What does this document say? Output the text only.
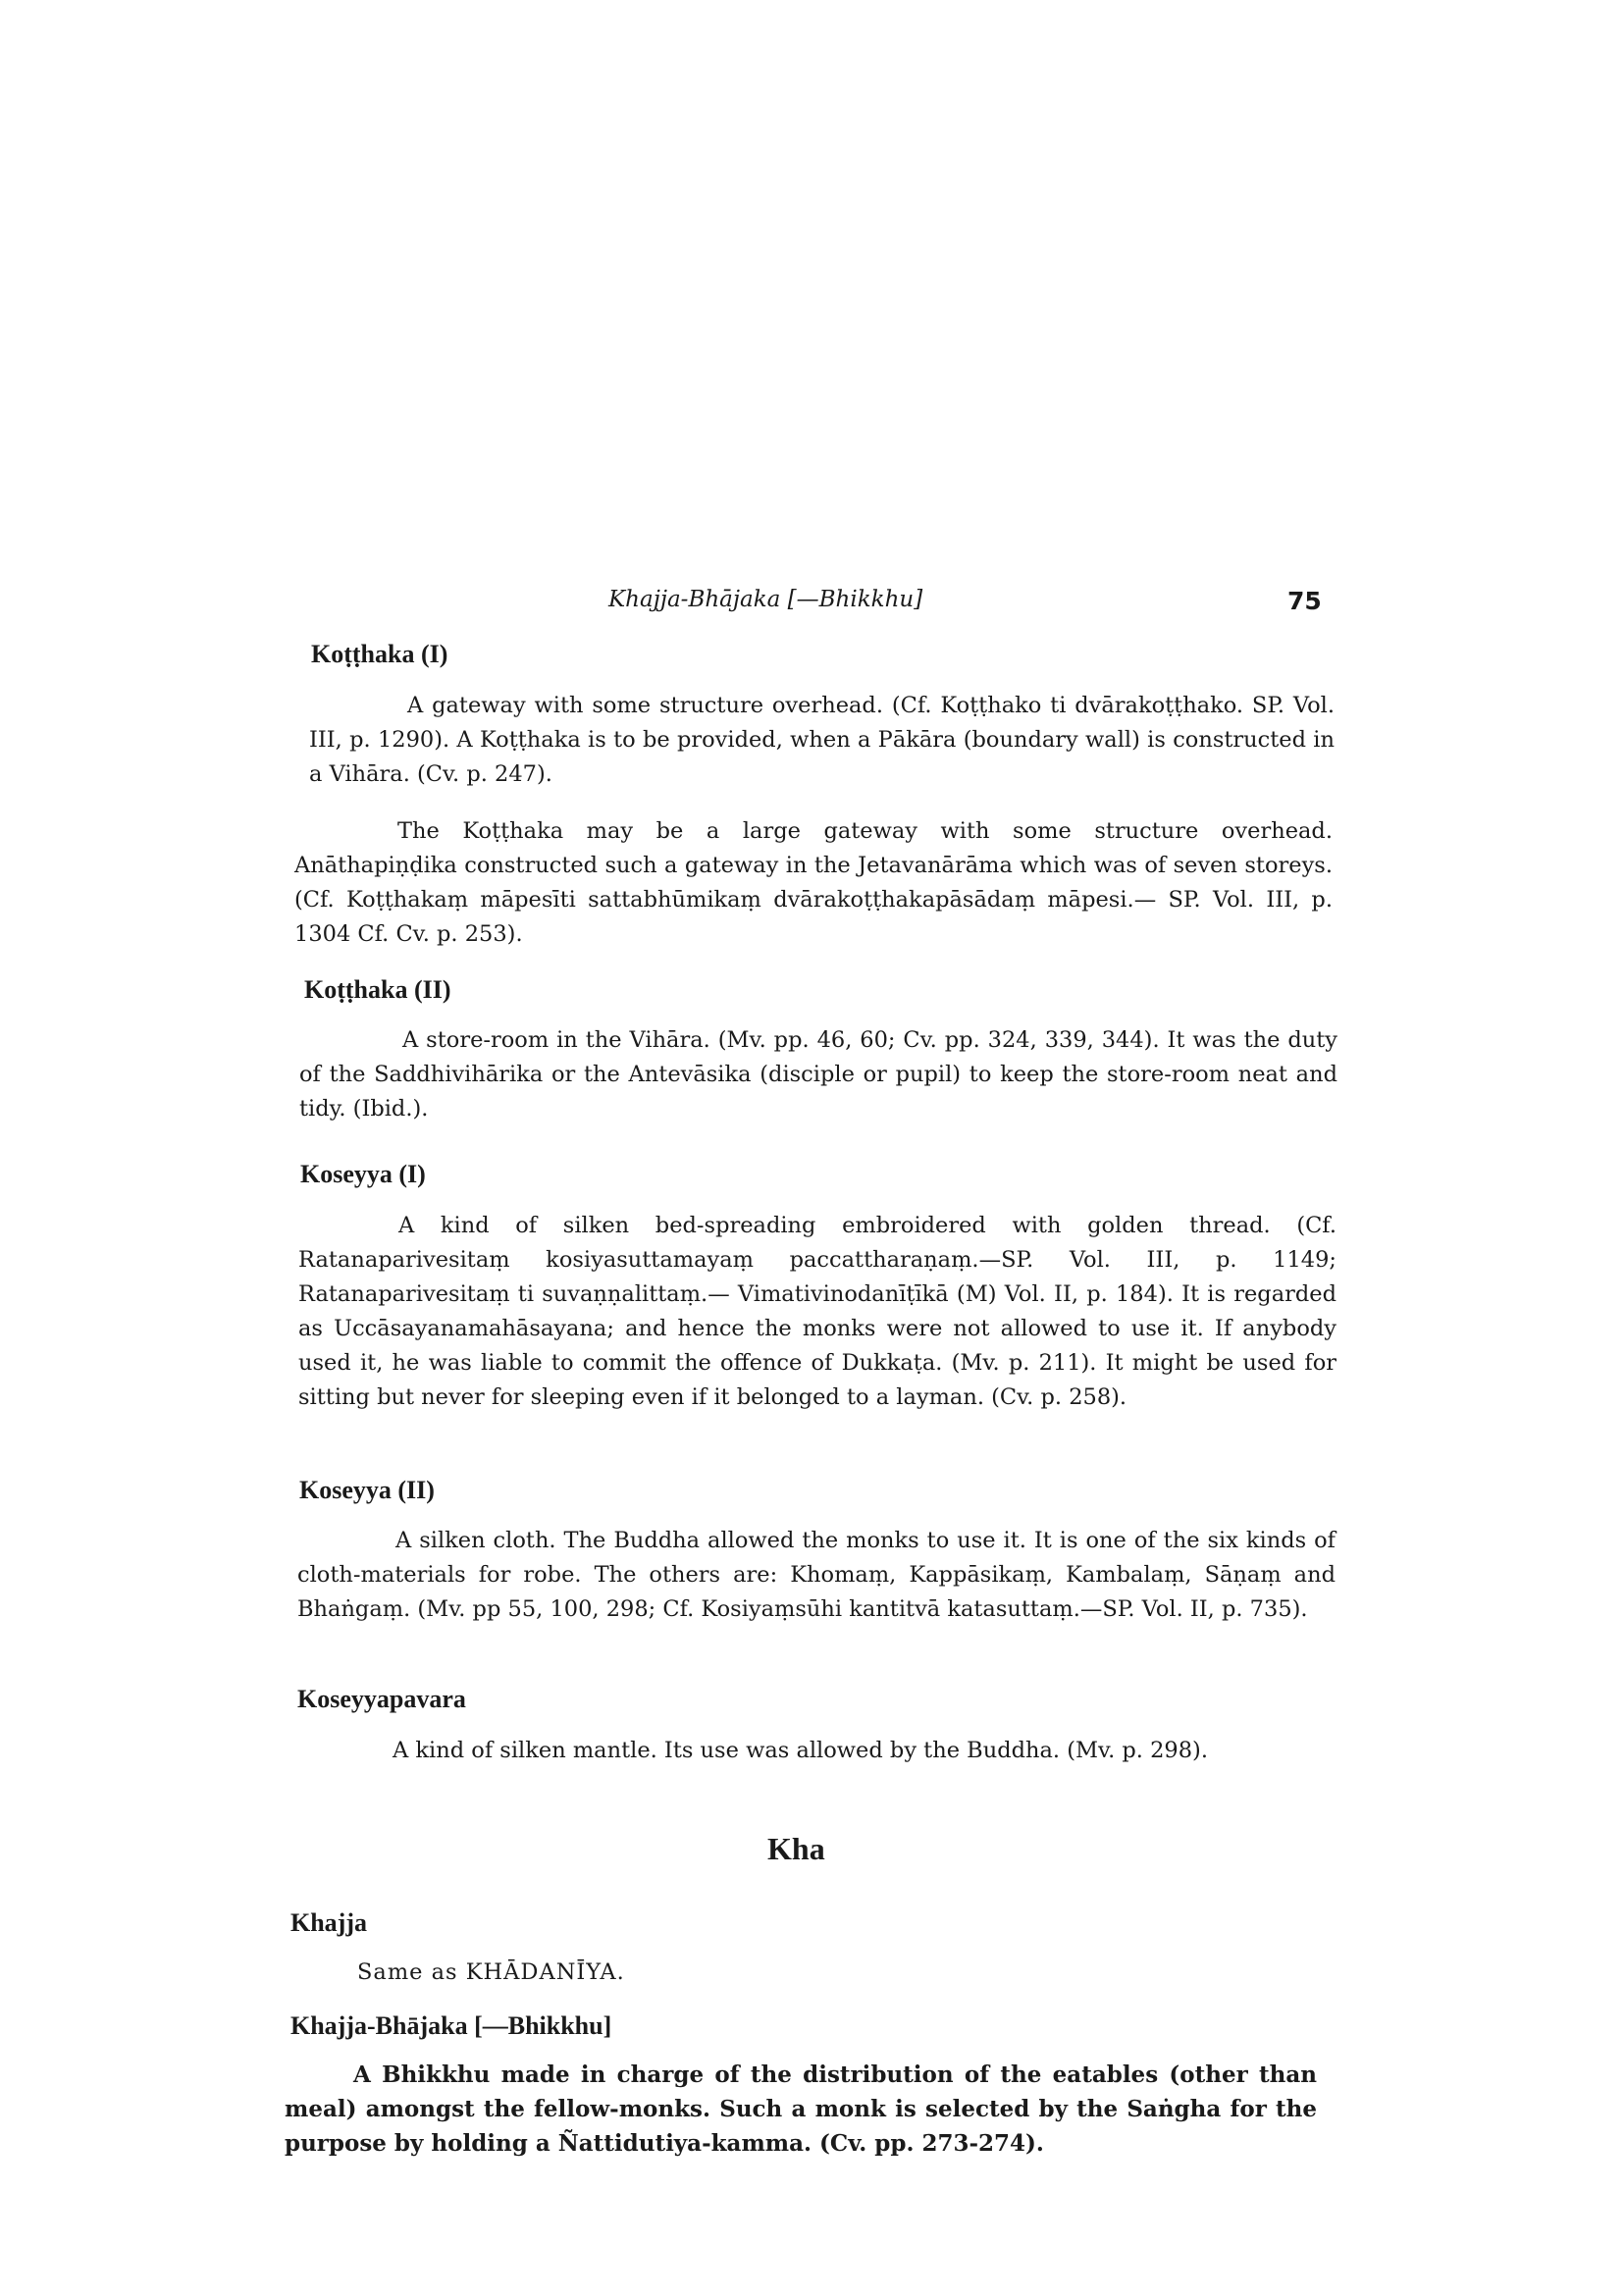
Khajja-Bhājaka [—Bhikkhu]	75
Koṭṭhaka (I)
A gateway with some structure overhead. (Cf. Koṭṭhako ti dvārakoṭṭhako. SP. Vol. III, p. 1290). A Koṭṭhaka is to be provided, when a Pākāra (boundary wall) is constructed in a Vihāra. (Cv. p. 247).
The Koṭṭhaka may be a large gateway with some structure overhead. Anāthapiṇḍika constructed such a gateway in the Jetavanārāma which was of seven storeys. (Cf. Koṭṭhakaṃ māpesīti sattabhūmikaṃ dvārakoṭṭhakapāsādaṃ māpesi.— SP. Vol. III, p. 1304 Cf. Cv. p. 253).
Koṭṭhaka (II)
A store-room in the Vihāra. (Mv. pp. 46, 60; Cv. pp. 324, 339, 344). It was the duty of the Saddhivihārika or the Antevāsika (disciple or pupil) to keep the store-room neat and tidy. (Ibid.).
Koseyya (I)
A kind of silken bed-spreading embroidered with golden thread. (Cf. Ratanaparivesitaṃ kosiyasuttamayaṃ paccattharaṇaṃ.—SP. Vol. III, p. 1149; Ratanaparivesitaṃ ti suvaṇṇalittaṃ.— Vimativinodanīṭīkā (M) Vol. II, p. 184). It is regarded as Uccāsayanamahāsayana; and hence the monks were not allowed to use it. If anybody used it, he was liable to commit the offence of Dukkaṭa. (Mv. p. 211). It might be used for sitting but never for sleeping even if it belonged to a layman. (Cv. p. 258).
Koseyya (II)
A silken cloth. The Buddha allowed the monks to use it. It is one of the six kinds of cloth-materials for robe. The others are: Khomaṃ, Kappāsikaṃ, Kambalaṃ, Sāṇaṃ and Bhaṅgaṃ. (Mv. pp 55, 100, 298; Cf. Kosiyaṃsūhi kantitvā katasuttaṃ.—SP. Vol. II, p. 735).
Koseyyapavara
A kind of silken mantle. Its use was allowed by the Buddha. (Mv. p. 298).
Kha
Khajja
Same as KHĀDANĪYA.
Khajja-Bhājaka [—Bhikkhu]
A Bhikkhu made in charge of the distribution of the eatables (other than meal) amongst the fellow-monks. Such a monk is selected by the Saṅgha for the purpose by holding a Ñattidutiya-kamma. (Cv. pp. 273-274).
